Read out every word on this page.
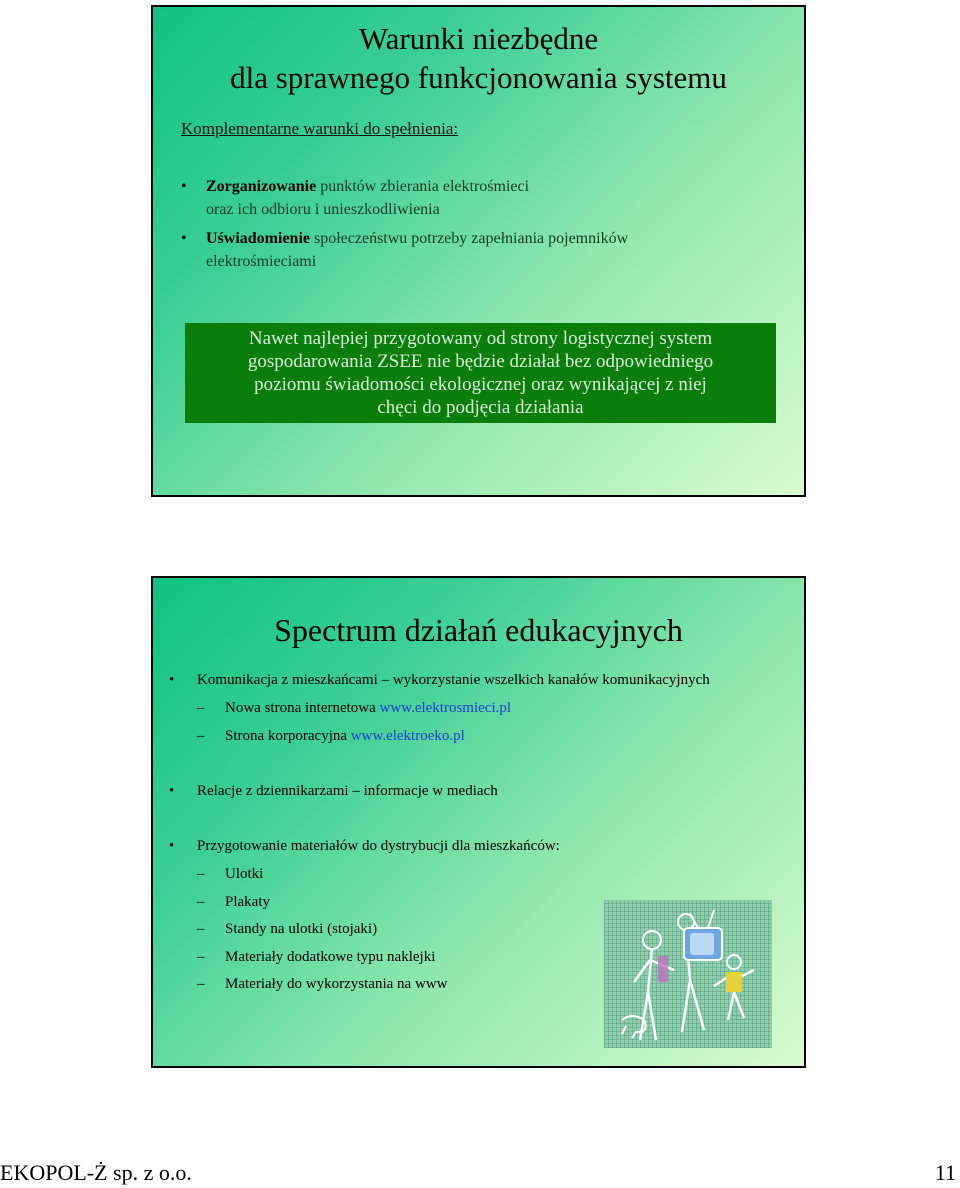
Warunki niezbędne
dla sprawnego funkcjonowania systemu
Komplementarne warunki do spełnienia:
• Zorganizowanie punktów zbierania elektrośmieci
oraz ich odbioru i unieszkodliwienia
• Uświadomienie społeczeństwu potrzeby zapełniania pojemników
elektrośmieciami
Nawet najlepiej przygotowany od strony logistycznej system
gospodarowania ZSEE nie będzie działał bez odpowiedniego
poziomu świadomości ekologicznej oraz wynikającej z niej
chęci do podjęcia działania
Spectrum działań edukacyjnych
• Komunikacja z mieszkańcami – wykorzystanie wszelkich kanałów komunikacyjnych
– Nowa strona internetowa www.elektrosmieci.pl
– Strona korporacyjna www.elektroeko.pl
• Relacje z dziennikarzami – informacje w mediach
• Przygotowanie materiałów do dystrybucji dla mieszkańców:
– Ulotki
– Plakaty
– Standy na ulotki (stojaki)
– Materiały dodatkowe typu naklejki
– Materiały do wykorzystania na www
EKOPOL-Ż sp. z o.o.	11
